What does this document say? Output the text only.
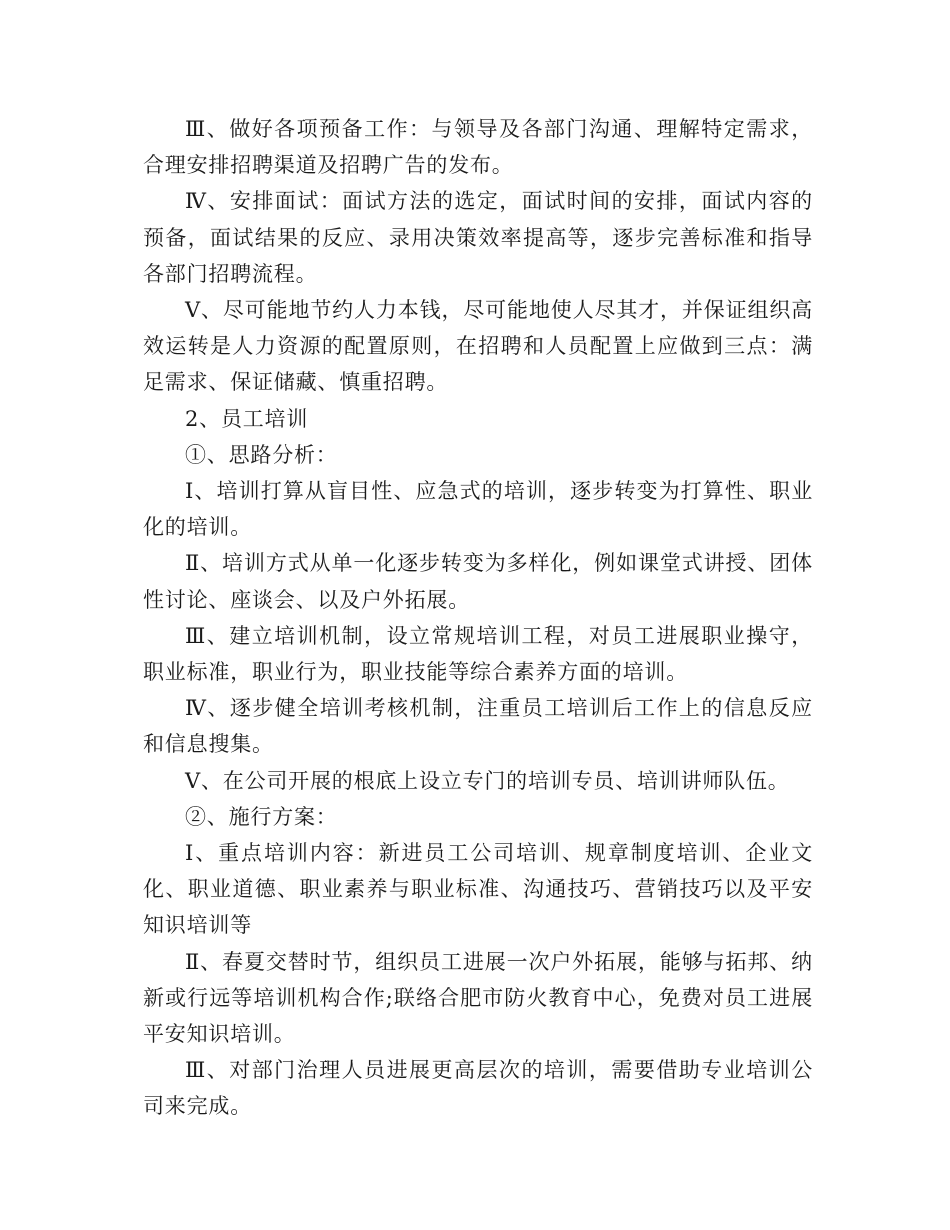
Ⅲ、做好各项预备工作：与领导及各部门沟通、理解特定需求，合理安排招聘渠道及招聘广告的发布。

Ⅳ、安排面试：面试方法的选定，面试时间的安排，面试内容的预备，面试结果的反应、录用决策效率提高等，逐步完善标准和指导各部门招聘流程。

Ⅴ、尽可能地节约人力本钱，尽可能地使人尽其才，并保证组织高效运转是人力资源的配置原则，在招聘和人员配置上应做到三点：满足需求、保证储藏、慎重招聘。

2、员工培训

①、思路分析：

Ⅰ、培训打算从盲目性、应急式的培训，逐步转变为打算性、职业化的培训。

Ⅱ、培训方式从单一化逐步转变为多样化，例如课堂式讲授、团体性讨论、座谈会、以及户外拓展。

Ⅲ、建立培训机制，设立常规培训工程，对员工进展职业操守，职业标准，职业行为，职业技能等综合素养方面的培训。

Ⅳ、逐步健全培训考核机制，注重员工培训后工作上的信息反应和信息搜集。

Ⅴ、在公司开展的根底上设立专门的培训专员、培训讲师队伍。

②、施行方案：

Ⅰ、重点培训内容：新进员工公司培训、规章制度培训、企业文化、职业道德、职业素养与职业标准、沟通技巧、营销技巧以及平安知识培训等

Ⅱ、春夏交替时节，组织员工进展一次户外拓展，能够与拓邦、纳新或行远等培训机构合作;联络合肥市防火教育中心，免费对员工进展平安知识培训。

Ⅲ、对部门治理人员进展更高层次的培训，需要借助专业培训公司来完成。
